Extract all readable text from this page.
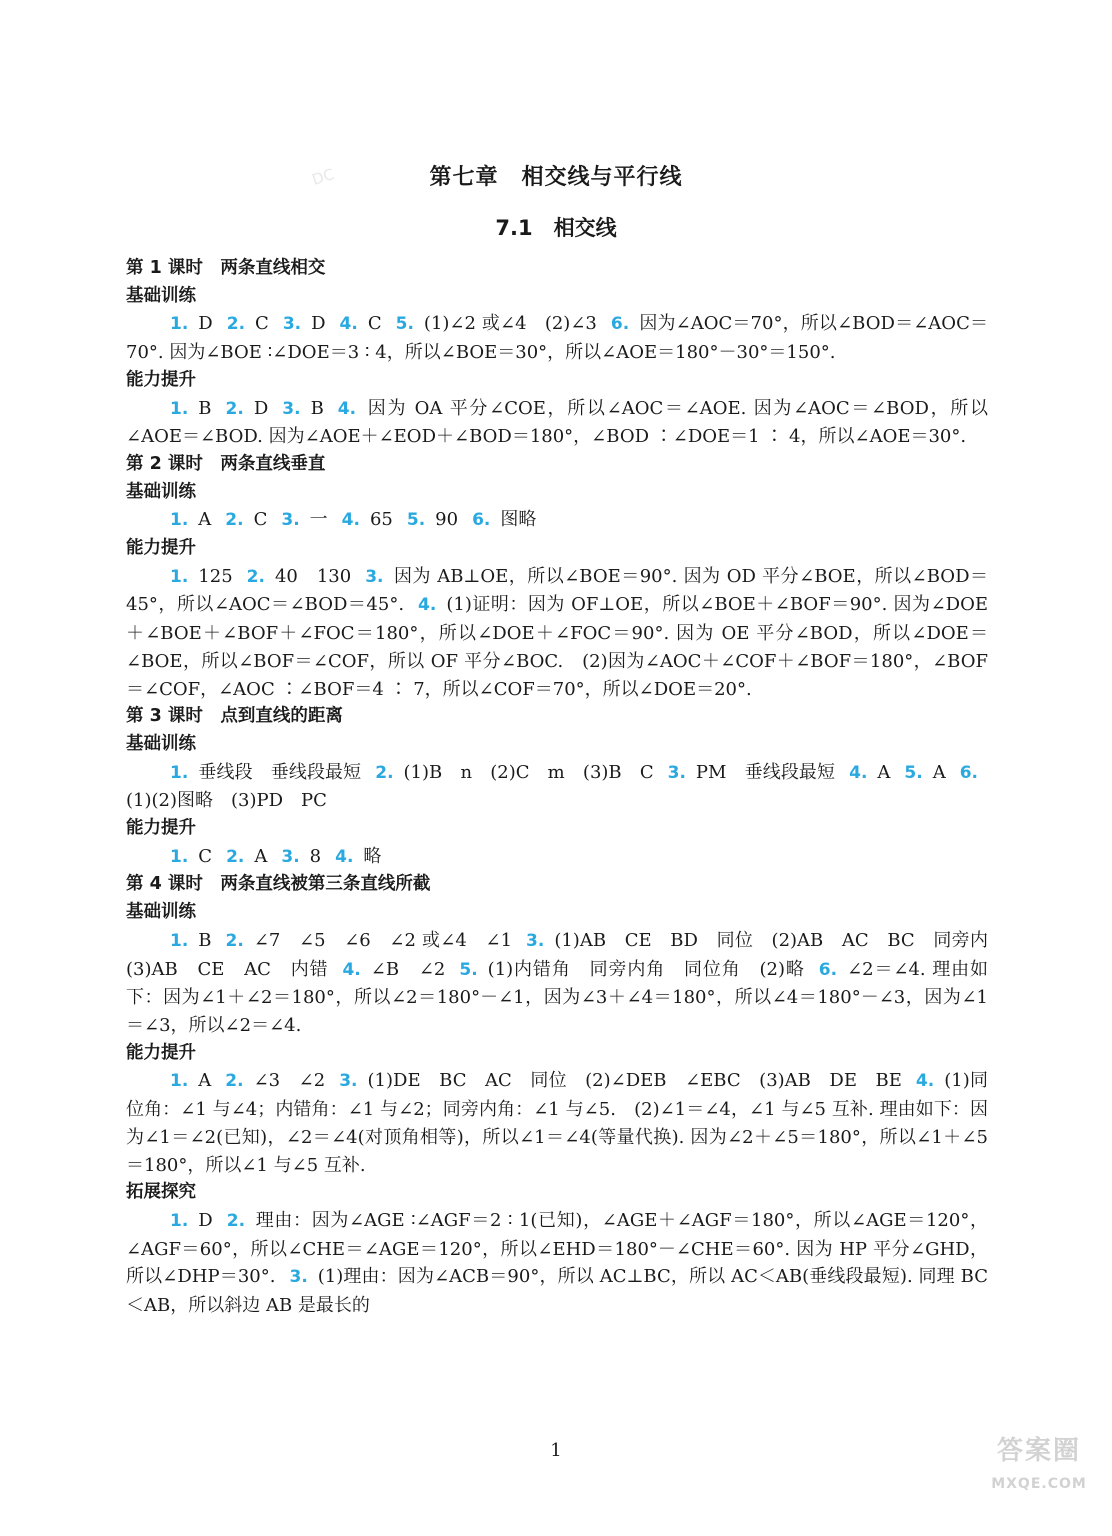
DC	第七章　相交线与平行线
7.1　相交线
第 1 课时　两条直线相交
基础训练
1. D 2. C 3. D 4. C 5. (1)∠2 或∠4　(2)∠3 6. 因为∠AOC＝70°，所以∠BOD＝∠AOC＝70°. 因为∠BOE ∶∠DOE＝3 ∶ 4，所以∠BOE＝30°，所以∠AOE＝180°－30°＝150°.
能力提升
1. B 2. D 3. B 4. 因为 OA 平分∠COE，所以∠AOC＝∠AOE. 因为∠AOC＝∠BOD，所以∠AOE＝∠BOD. 因为∠AOE＋∠EOD＋∠BOD＝180°，∠BOD ∶∠DOE＝1 ∶ 4，所以∠AOE＝30°.
第 2 课时　两条直线垂直
基础训练
1. A 2. C 3. 一 4. 65 5. 90 6. 图略
能力提升
1. 125 2. 40　130 3. 因为 AB⊥OE，所以∠BOE＝90°. 因为 OD 平分∠BOE，所以∠BOD＝45°，所以∠AOC＝∠BOD＝45°. 4. (1)证明：因为 OF⊥OE，所以∠BOE＋∠BOF＝90°. 因为∠DOE＋∠BOE＋∠BOF＋∠FOC＝180°，所以∠DOE＋∠FOC＝90°. 因为 OE 平分∠BOD，所以∠DOE＝∠BOE，所以∠BOF＝∠COF，所以 OF 平分∠BOC.　(2)因为∠AOC＋∠COF＋∠BOF＝180°，∠BOF＝∠COF，∠AOC ∶∠BOF＝4 ∶ 7，所以∠COF＝70°，所以∠DOE＝20°.
第 3 课时　点到直线的距离
基础训练
1. 垂线段　垂线段最短 2. (1)B　n　(2)C　m　(3)B　C 3. PM　垂线段最短 4. A 5. A 6.(1)(2)图略　(3)PD　PC
能力提升
1. C 2. A 3. 8 4. 略
第 4 课时　两条直线被第三条直线所截
基础训练
1. B 2. ∠7　∠5　∠6　∠2 或∠4　∠1 3. (1)AB　CE　BD　同位　(2)AB　AC　BC　同旁内　(3)AB　CE　AC　内错 4. ∠B　∠2 5. (1)内错角　同旁内角　同位角　(2)略 6. ∠2＝∠4. 理由如下：因为∠1＋∠2＝180°，所以∠2＝180°－∠1，因为∠3＋∠4＝180°，所以∠4＝180°－∠3，因为∠1＝∠3，所以∠2＝∠4.
能力提升
1. A 2. ∠3　∠2 3. (1)DE　BC　AC　同位　(2)∠DEB　∠EBC　(3)AB　DE　BE 4. (1)同位角：∠1 与∠4；内错角：∠1 与∠2；同旁内角：∠1 与∠5.　(2)∠1＝∠4，∠1 与∠5 互补. 理由如下：因为∠1＝∠2(已知)，∠2＝∠4(对顶角相等)，所以∠1＝∠4(等量代换). 因为∠2＋∠5＝180°，所以∠1＋∠5＝180°，所以∠1 与∠5 互补.
拓展探究
1. D 2. 理由：因为∠AGE ∶∠AGF＝2 ∶ 1(已知)，∠AGE＋∠AGF＝180°，所以∠AGE＝120°，∠AGF＝60°，所以∠CHE＝∠AGE＝120°，所以∠EHD＝180°－∠CHE＝60°. 因为 HP 平分∠GHD，所以∠DHP＝30°. 3. (1)理由：因为∠ACB＝90°，所以 AC⊥BC，所以 AC＜AB(垂线段最短). 同理 BC＜AB，所以斜边 AB 是最长的
1	答案圈
MXQE.COM
